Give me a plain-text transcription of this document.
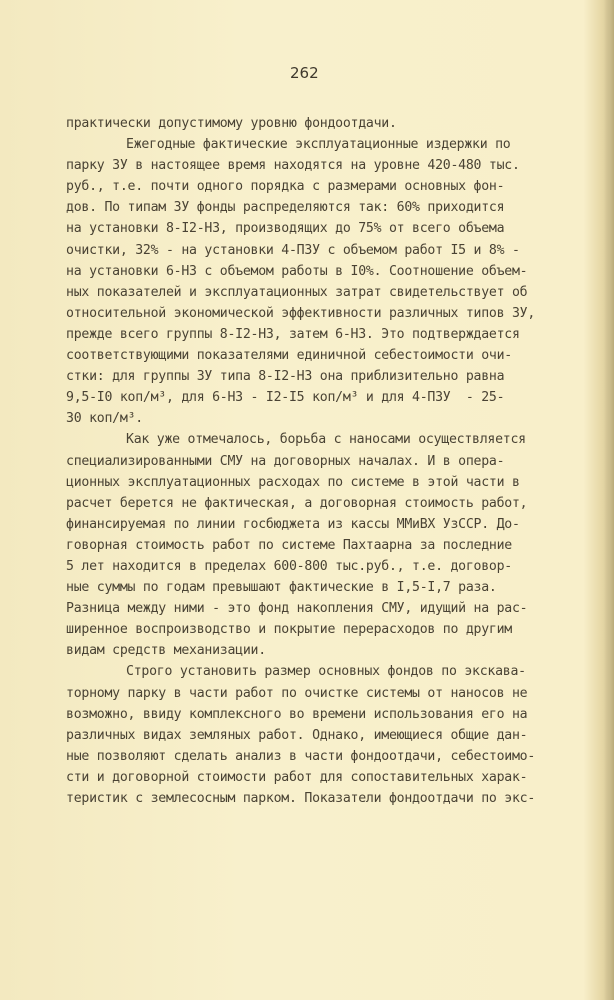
262
практически допустимому уровню фондоотдачи.
Ежегодные фактические эксплуатационные издержки по
парку ЗУ в настоящее время находятся на уровне 420-480 тыс.
руб., т.е. почти одного порядка с размерами основных фон-
дов. По типам ЗУ фонды распределяются так: 60% приходится
на установки 8-I2-НЗ, производящих до 75% от всего объема
очистки, 32% - на установки 4-ПЗУ с объемом работ I5 и 8% -
на установки 6-НЗ с объемом работы в I0%. Соотношение объем-
ных показателей и эксплуатационных затрат свидетельствует об
относительной экономической эффективности различных типов ЗУ,
прежде всего группы 8-I2-НЗ, затем 6-НЗ. Это подтверждается
соответствующими показателями единичной себестоимости очи-
стки: для группы ЗУ типа 8-I2-НЗ она приблизительно равна
9,5-I0 коп/м³, для 6-НЗ - I2-I5 коп/м³ и для 4-ПЗУ  - 25-
30 коп/м³.
Как уже отмечалось, борьба с наносами осуществляется
специализированными СМУ на договорных началах. И в опера-
ционных эксплуатационных расходах по системе в этой части в
расчет берется не фактическая, а договорная стоимость работ,
финансируемая по линии госбюджета из кассы ММиВХ УзССР. До-
говорная стоимость работ по системе Пахтаарна за последние
5 лет находится в пределах 600-800 тыс.руб., т.е. договор-
ные суммы по годам превышают фактические в I,5-I,7 раза.
Разница между ними - это фонд накопления СМУ, идущий на рас-
ширенное воспроизводство и покрытие перерасходов по другим
видам средств механизации.
Строго установить размер основных фондов по экскава-
торному парку в части работ по очистке системы от наносов не
возможно, ввиду комплексного во времени использования его на
различных видах земляных работ. Однако, имеющиеся общие дан-
ные позволяют сделать анализ в части фондоотдачи, себестоимо-
сти и договорной стоимости работ для сопоставительных харак-
теристик с землесосным парком. Показатели фондоотдачи по экс-
